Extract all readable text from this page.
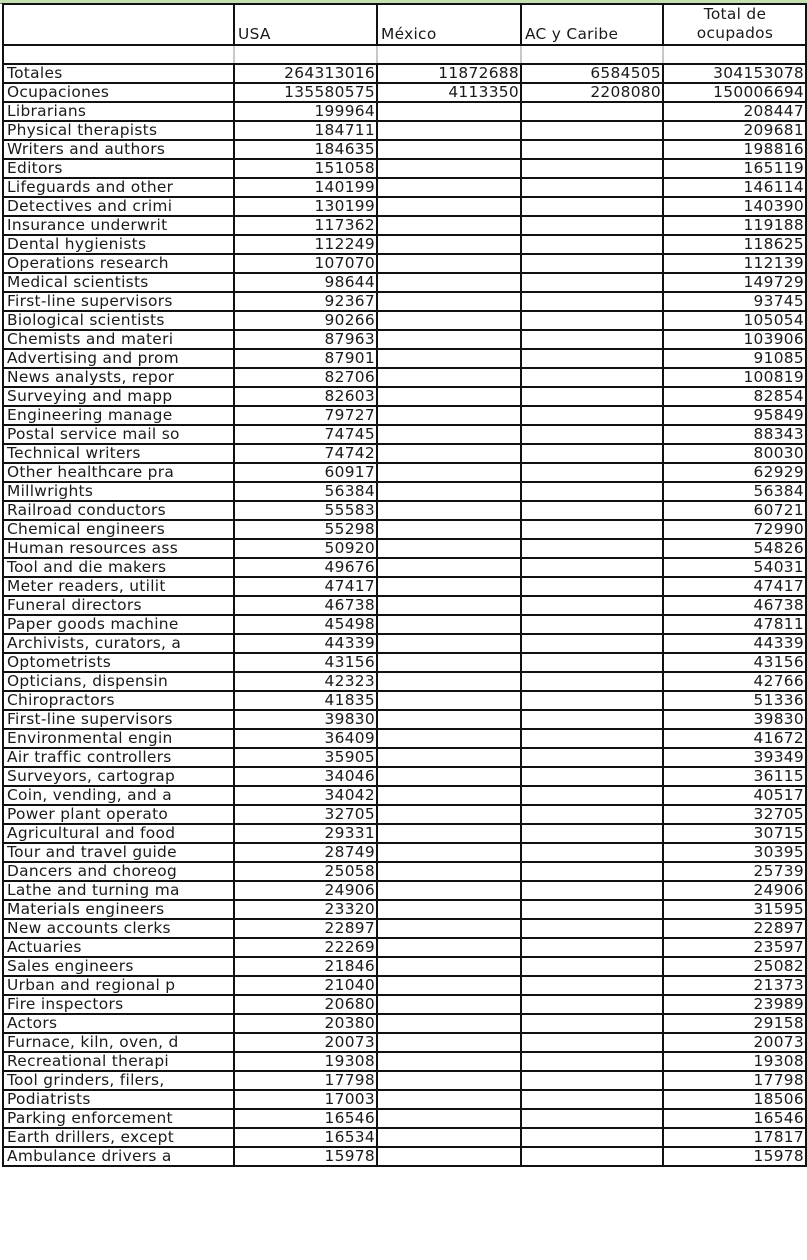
	USA	México	AC y Caribe	Total de
ocupados

Totales	264313016	11872688	6584505	304153078
Ocupaciones	135580575	4113350	2208080	150006694
Librarians	199964			208447
Physical therapists	184711			209681
Writers and authors	184635			198816
Editors	151058			165119
Lifeguards and other	140199			146114
Detectives and crimi	130199			140390
Insurance underwrit	117362			119188
Dental hygienists	112249			118625
Operations research	107070			112139
Medical scientists	98644			149729
First-line supervisors	92367			93745
Biological scientists	90266			105054
Chemists and materi	87963			103906
Advertising and prom	87901			91085
News analysts, repor	82706			100819
Surveying and mapp	82603			82854
Engineering manage	79727			95849
Postal service mail so	74745			88343
Technical writers	74742			80030
Other healthcare pra	60917			62929
Millwrights	56384			56384
Railroad conductors	55583			60721
Chemical engineers	55298			72990
Human resources ass	50920			54826
Tool and die makers	49676			54031
Meter readers, utilit	47417			47417
Funeral directors	46738			46738
Paper goods machine	45498			47811
Archivists, curators, a	44339			44339
Optometrists	43156			43156
Opticians, dispensin	42323			42766
Chiropractors	41835			51336
First-line supervisors	39830			39830
Environmental engin	36409			41672
Air traffic controllers	35905			39349
Surveyors, cartograp	34046			36115
Coin, vending, and a	34042			40517
Power plant operato	32705			32705
Agricultural and food	29331			30715
Tour and travel guide	28749			30395
Dancers and choreog	25058			25739
Lathe and turning ma	24906			24906
Materials engineers	23320			31595
New accounts clerks	22897			22897
Actuaries	22269			23597
Sales engineers	21846			25082
Urban and regional p	21040			21373
Fire inspectors	20680			23989
Actors	20380			29158
Furnace, kiln, oven, d	20073			20073
Recreational therapi	19308			19308
Tool grinders, filers,	17798			17798
Podiatrists	17003			18506
Parking enforcement	16546			16546
Earth drillers, except	16534			17817
Ambulance drivers a	15978			15978
